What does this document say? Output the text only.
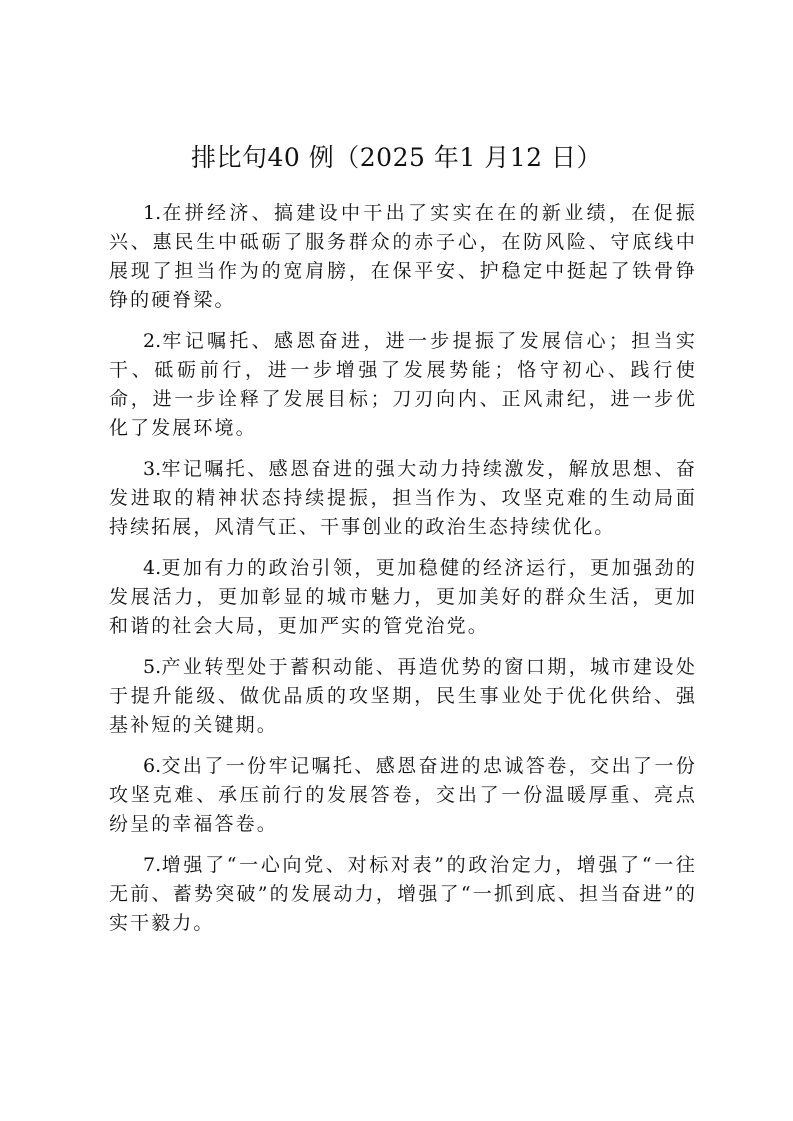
排比句40 例（2025 年1 月12 日）

1.在拼经济、搞建设中干出了实实在在的新业绩，在促振兴、惠民生中砥砺了服务群众的赤子心，在防风险、守底线中展现了担当作为的宽肩膀，在保平安、护稳定中挺起了铁骨铮铮的硬脊梁。

2.牢记嘱托、感恩奋进，进一步提振了发展信心；担当实干、砥砺前行，进一步增强了发展势能；恪守初心、践行使命，进一步诠释了发展目标；刀刃向内、正风肃纪，进一步优化了发展环境。

3.牢记嘱托、感恩奋进的强大动力持续激发，解放思想、奋发进取的精神状态持续提振，担当作为、攻坚克难的生动局面持续拓展，风清气正、干事创业的政治生态持续优化。

4.更加有力的政治引领，更加稳健的经济运行，更加强劲的发展活力，更加彰显的城市魅力，更加美好的群众生活，更加和谐的社会大局，更加严实的管党治党。

5.产业转型处于蓄积动能、再造优势的窗口期，城市建设处于提升能级、做优品质的攻坚期，民生事业处于优化供给、强基补短的关键期。

6.交出了一份牢记嘱托、感恩奋进的忠诚答卷，交出了一份攻坚克难、承压前行的发展答卷，交出了一份温暖厚重、亮点纷呈的幸福答卷。

7.增强了“一心向党、对标对表”的政治定力，增强了“一往无前、蓄势突破”的发展动力，增强了“一抓到底、担当奋进”的实干毅力。
